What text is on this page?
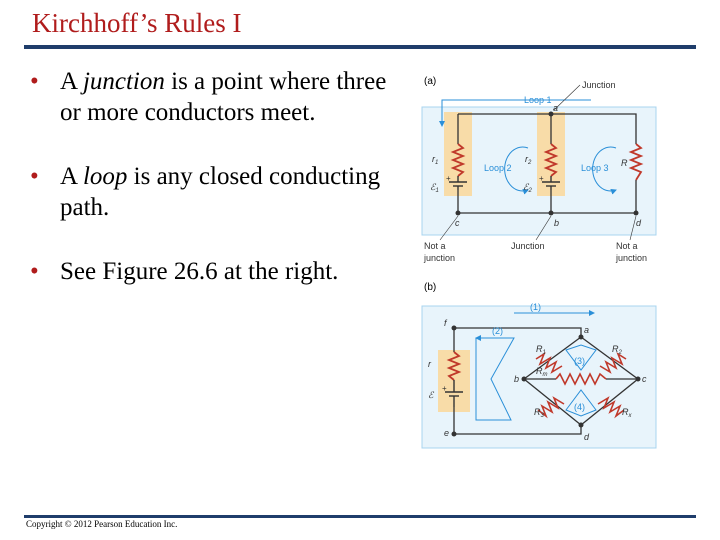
Kirchhoff’s Rules I
• A junction is a point where three or more conductors meet.
• A loop is any closed conducting path.
• See Figure 26.6 at the right.
(a)	Junction
Loop 1
Loop 2	Loop 3
a
b
c	d
$r_1$
ℰ$_1$
$r_2$
ℰ$_2$
R
+	+
Not a
junction
Junction	Not a
junction
(b)
(1)
(2)
(3)
(4)
a
b	c
d
e
f
$R_1$	$R_2$
$R_m$
$R_3$	$R_x$
r
ℰ
+
Copyright © 2012 Pearson Education Inc.
